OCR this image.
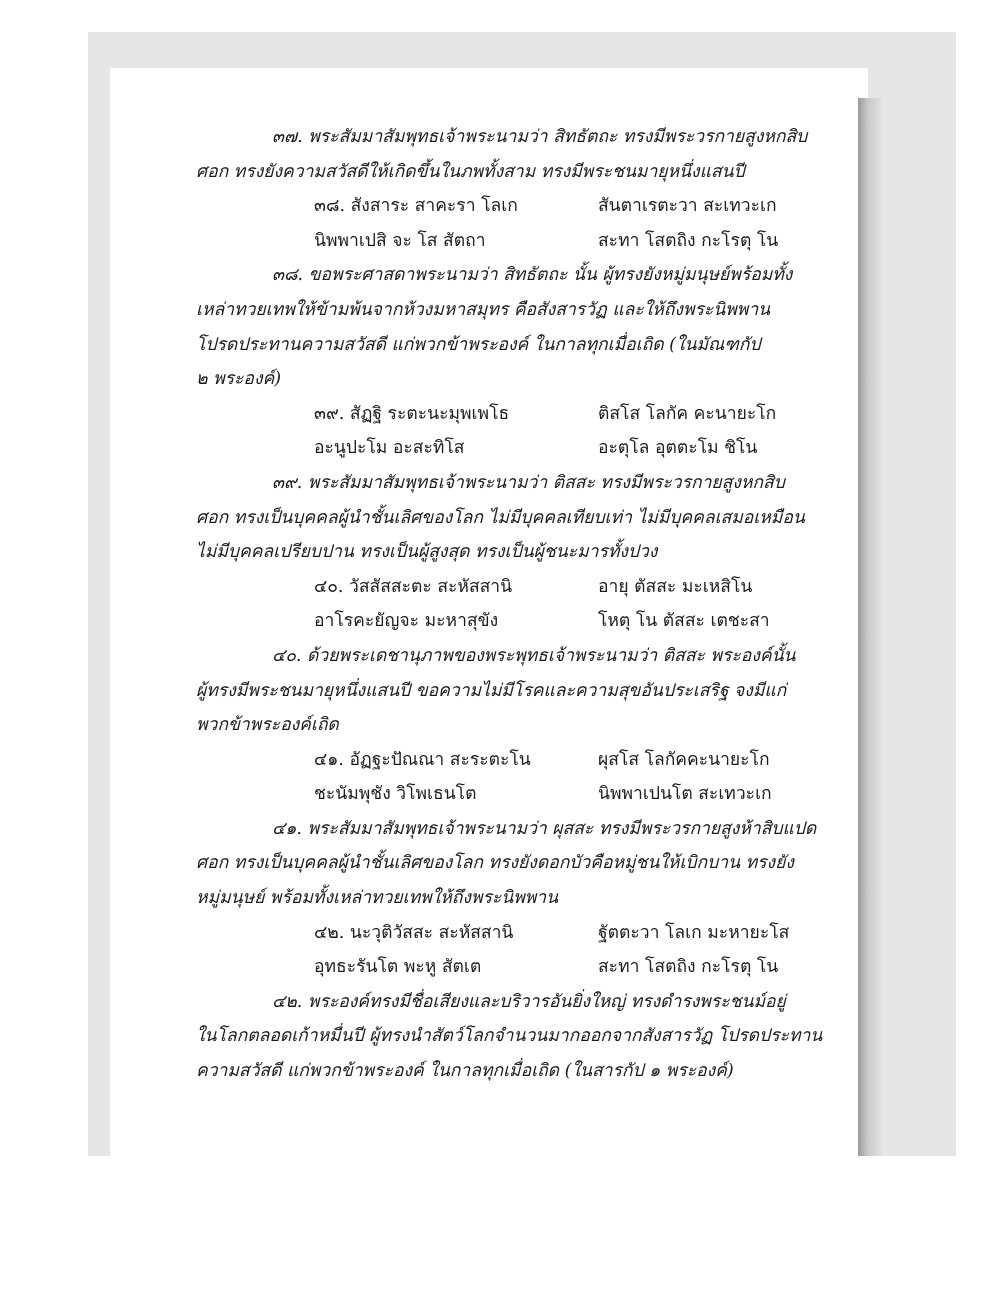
๓๗. พระสัมมาสัมพุทธเจ้าพระนามว่า สิทธัตถะ ทรงมีพระวรกายสูงหกสิบ
ศอก ทรงยังความสวัสดีให้เกิดขึ้นในภพทั้งสาม ทรงมีพระชนมายุหนึ่งแสนปี
๓๘. สังสาระ สาคะรา โลเก	สันตาเรตะวา สะเทวะเก
นิพพาเปสิ จะ โส สัตถา	สะทา โสตถิง กะโรตุ โน
๓๘. ขอพระศาสดาพระนามว่า สิทธัตถะ นั้น ผู้ทรงยังหมู่มนุษย์พร้อมทั้ง
เหล่าทวยเทพให้ข้ามพ้นจากห้วงมหาสมุทร คือสังสารวัฏ และให้ถึงพระนิพพาน
โปรดประทานความสวัสดี แก่พวกข้าพระองค์ ในกาลทุกเมื่อเถิด (ในมัณฑกัป
๒ พระองค์)
๓๙. สัฏฐิ ระตะนะมุพเพโธ	ติสโส โลกัค คะนายะโก
อะนูปะโม อะสะทิโส	อะตุโล อุตตะโม ชิโน
๓๙. พระสัมมาสัมพุทธเจ้าพระนามว่า ติสสะ ทรงมีพระวรกายสูงหกสิบ
ศอก ทรงเป็นบุคคลผู้นำชั้นเลิศของโลก ไม่มีบุคคลเทียบเท่า ไม่มีบุคคลเสมอเหมือน
ไม่มีบุคคลเปรียบปาน ทรงเป็นผู้สูงสุด ทรงเป็นผู้ชนะมารทั้งปวง
๔๐. วัสสัสสะตะ สะหัสสานิ	อายุ ตัสสะ มะเหสิโน
อาโรคะยัญจะ มะหาสุขัง	โหตุ โน ตัสสะ เตชะสา
๔๐. ด้วยพระเดชานุภาพของพระพุทธเจ้าพระนามว่า ติสสะ พระองค์นั้น
ผู้ทรงมีพระชนมายุหนึ่งแสนปี ขอความไม่มีโรคและความสุขอันประเสริฐ จงมีแก่
พวกข้าพระองค์เถิด
๔๑. อัฏฐะปัณณา สะระตะโน	ผุสโส โลกัคคะนายะโก
ชะนัมพุชัง วิโพเธนโต	นิพพาเปนโต สะเทวะเก
๔๑. พระสัมมาสัมพุทธเจ้าพระนามว่า ผุสสะ ทรงมีพระวรกายสูงห้าสิบแปด
ศอก ทรงเป็นบุคคลผู้นำชั้นเลิศของโลก ทรงยังดอกบัวคือหมู่ชนให้เบิกบาน ทรงยัง
หมู่มนุษย์ พร้อมทั้งเหล่าทวยเทพให้ถึงพระนิพพาน
๔๒. นะวุติวัสสะ สะหัสสานิ	ฐัตตะวา โลเก มะหายะโส
อุทธะรันโต พะหู สัตเต	สะทา โสตถิง กะโรตุ โน
๔๒. พระองค์ทรงมีชื่อเสียงและบริวารอันยิ่งใหญ่ ทรงดำรงพระชนม์อยู่
ในโลกตลอดเก้าหมื่นปี ผู้ทรงนำสัตว์โลกจำนวนมากออกจากสังสารวัฏ โปรดประทาน
ความสวัสดี แก่พวกข้าพระองค์ ในกาลทุกเมื่อเถิด (ในสารกัป ๑ พระองค์)
